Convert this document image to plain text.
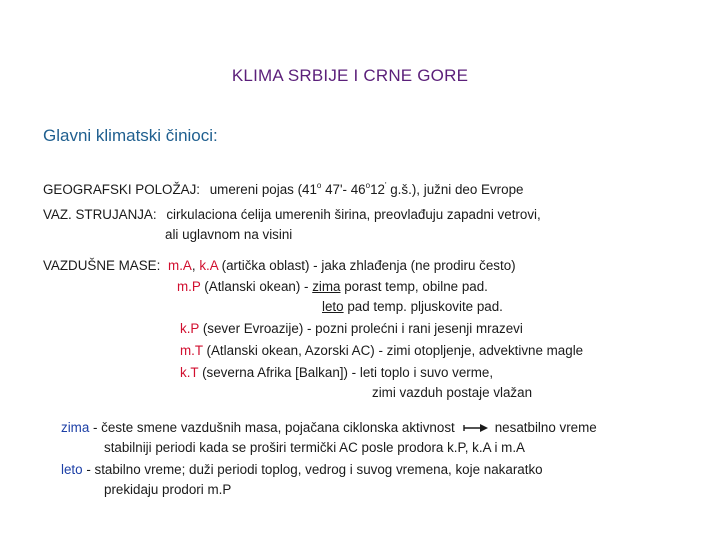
KLIMA SRBIJE I CRNE GORE
Glavni klimatski činioci:
GEOGRAFSKI POLOŽAJ: umereni pojas (41$^o$ 47'- 46$^o$12' g.š.), južni deo Evrope
VAZ. STRUJANJA: cirkulaciona ćelija umerenih širina, preovlađuju zapadni vetrovi,
ali uglavnom na visini
VAZDUŠNE MASE: m.A, k.A (artička oblast) - jaka zhlađenja (ne prodiru često)
m.P (Atlanski okean) - zima porast temp, obilne pad.
leto pad temp. pljuskovite pad.
k.P (sever Evroazije) - pozni prolećni i rani jesenji mrazevi
m.T (Atlanski okean, Azorski AC) - zimi otopljenje, advektivne magle
k.T (severna Afrika [Balkan]) - leti toplo i suvo verme,
zimi vazduh postaje vlažan
zima - česte smene vazdušnih masa, pojačana ciklonska aktivnost	nesatbilno vreme
stabilniji periodi kada se proširi termički AC posle prodora k.P, k.A i m.A
leto - stabilno vreme; duži periodi toplog, vedrog i suvog vremena, koje nakaratko
prekidaju prodori m.P
